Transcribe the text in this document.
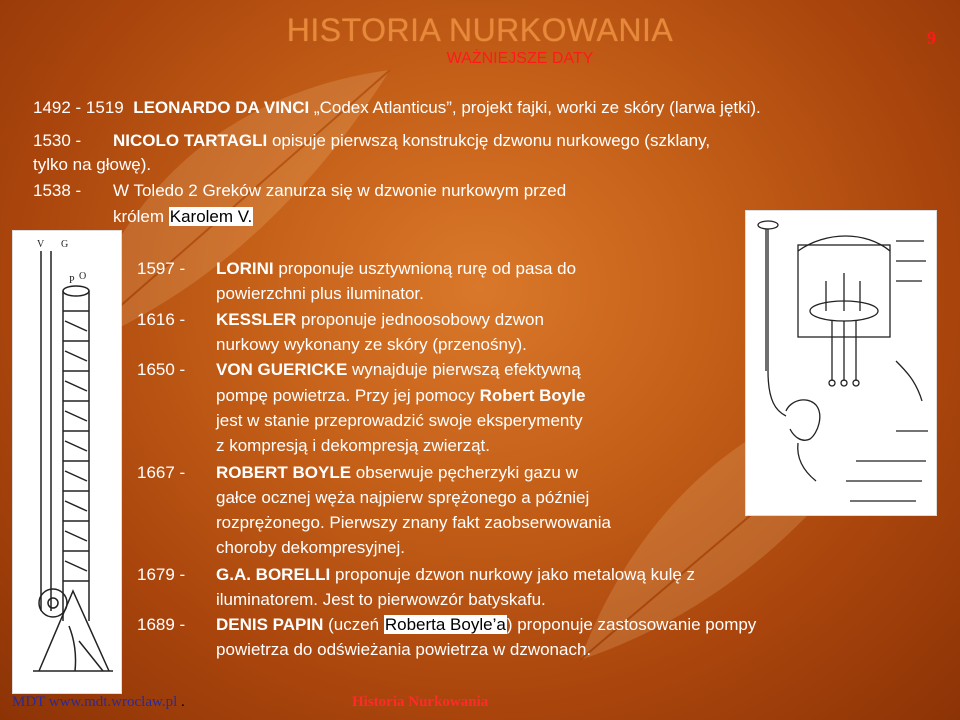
HISTORIA NURKOWANIA
WAŻNIEJSZE DATY
9
1492 - 1519 LEONARDO DA VINCI „Codex Atlanticus”, projekt fajki, worki ze skóry (larwa jętki).
1530 - NICOLO TARTAGLI opisuje pierwszą konstrukcję dzwonu nurkowego (szklany,
tylko na głowę).
1538 - W Toledo 2 Greków zanurza się w dzwonie nurkowym przed
królem Karolem V.
V G
P O	1597 - LORINI proponuje usztywnioną rurę od pasa do
powierzchni plus iluminator.
1616 - KESSLER proponuje jednoosobowy dzwon
nurkowy wykonany ze skóry (przenośny).
1650 - VON GUERICKE wynajduje pierwszą efektywną
pompę powietrza. Przy jej pomocy Robert Boyle
jest w stanie przeprowadzić swoje eksperymenty
z kompresją i dekompresją zwierząt.
1667 - ROBERT BOYLE obserwuje pęcherzyki gazu w
gałce ocznej węża najpierw sprężonego a później
rozprężonego. Pierwszy znany fakt zaobserwowania
choroby dekompresyjnej.
1679 - G.A. BORELLI proponuje dzwon nurkowy jako metalową kulę z
iluminatorem. Jest to pierwowzór batyskafu.
1689 - DENIS PAPIN (uczeń Roberta Boyle’a) proponuje zastosowanie pompy
powietrza do odświeżania powietrza w dzwonach.
MDT www.mdt.wroclaw.pl .	Historia Nurkowania
